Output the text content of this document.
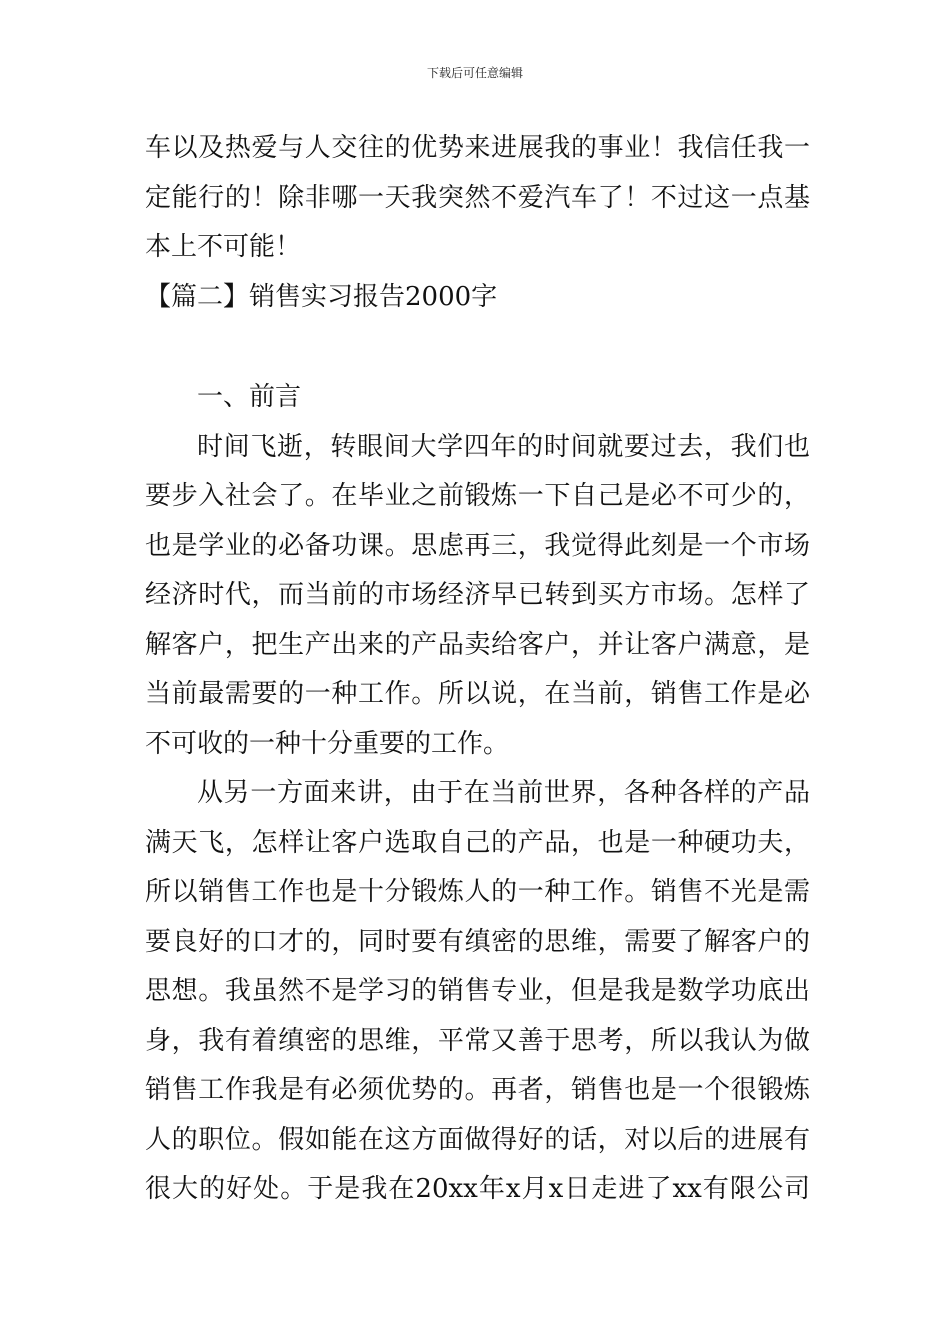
下载后可任意编辑
车以及热爱与人交往的优势来进展我的事业！我信任我一
定能行的！除非哪一天我突然不爱汽车了！不过这一点基
本上不可能！
【篇二】销售实习报告2000字
一、前言
时间飞逝，转眼间大学四年的时间就要过去，我们也
要步入社会了。在毕业之前锻炼一下自己是必不可少的，
也是学业的必备功课。思虑再三，我觉得此刻是一个市场
经济时代，而当前的市场经济早已转到买方市场。怎样了
解客户，把生产出来的产品卖给客户，并让客户满意，是
当前最需要的一种工作。所以说，在当前，销售工作是必
不可收的一种十分重要的工作。
从另一方面来讲，由于在当前世界，各种各样的产品
满天飞，怎样让客户选取自己的产品，也是一种硬功夫，
所以销售工作也是十分锻炼人的一种工作。销售不光是需
要良好的口才的，同时要有缜密的思维，需要了解客户的
思想。我虽然不是学习的销售专业，但是我是数学功底出
身，我有着缜密的思维，平常又善于思考，所以我认为做
销售工作我是有必须优势的。再者，销售也是一个很锻炼
人的职位。假如能在这方面做得好的话，对以后的进展有
很大的好处。于是我在20xx年x月x日走进了xx有限公司
